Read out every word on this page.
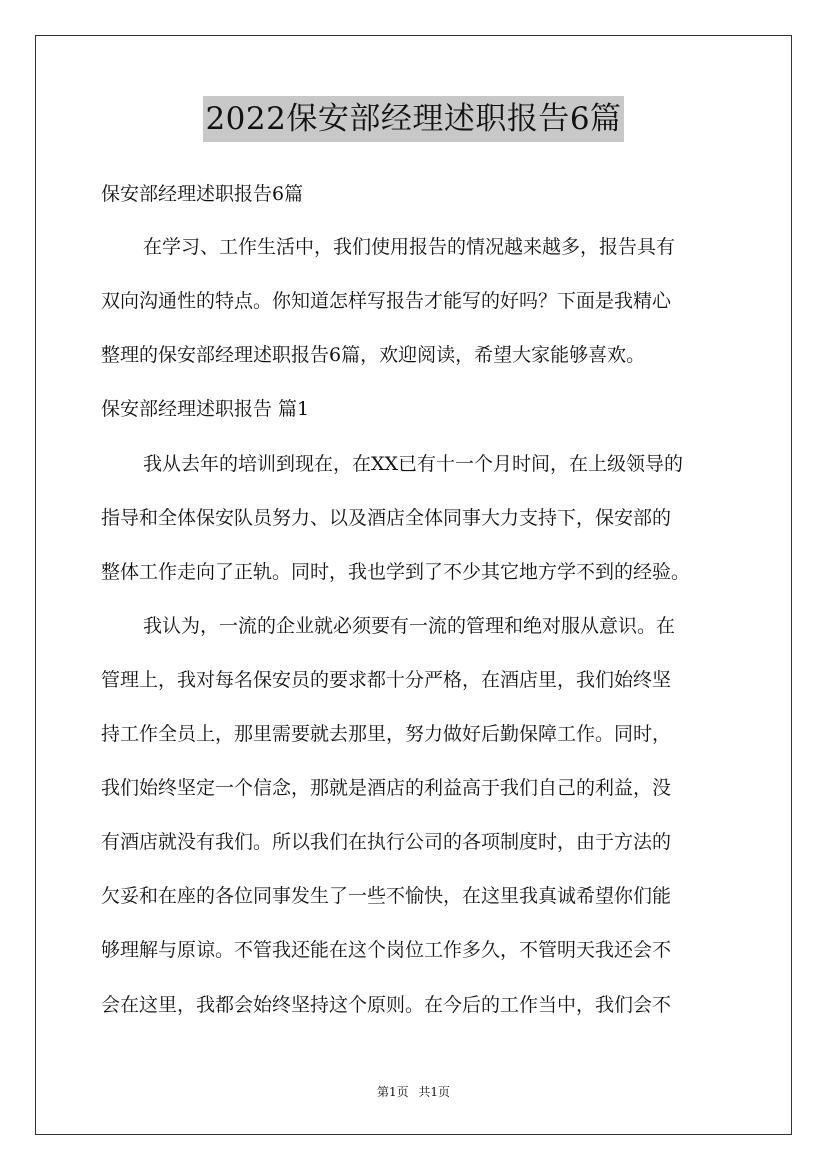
2022保安部经理述职报告6篇
保安部经理述职报告6篇
在学习、工作生活中，我们使用报告的情况越来越多，报告具有
双向沟通性的特点。你知道怎样写报告才能写的好吗？下面是我精心
整理的保安部经理述职报告6篇，欢迎阅读，希望大家能够喜欢。
保安部经理述职报告 篇1
我从去年的培训到现在，在XX已有十一个月时间，在上级领导的
指导和全体保安队员努力、以及酒店全体同事大力支持下，保安部的
整体工作走向了正轨。同时，我也学到了不少其它地方学不到的经验。
我认为，一流的企业就必须要有一流的管理和绝对服从意识。在
管理上，我对每名保安员的要求都十分严格，在酒店里，我们始终坚
持工作全员上，那里需要就去那里，努力做好后勤保障工作。同时，
我们始终坚定一个信念，那就是酒店的利益高于我们自己的利益，没
有酒店就没有我们。所以我们在执行公司的各项制度时，由于方法的
欠妥和在座的各位同事发生了一些不愉快，在这里我真诚希望你们能
够理解与原谅。不管我还能在这个岗位工作多久，不管明天我还会不
会在这里，我都会始终坚持这个原则。在今后的工作当中，我们会不
第1页 共1页
